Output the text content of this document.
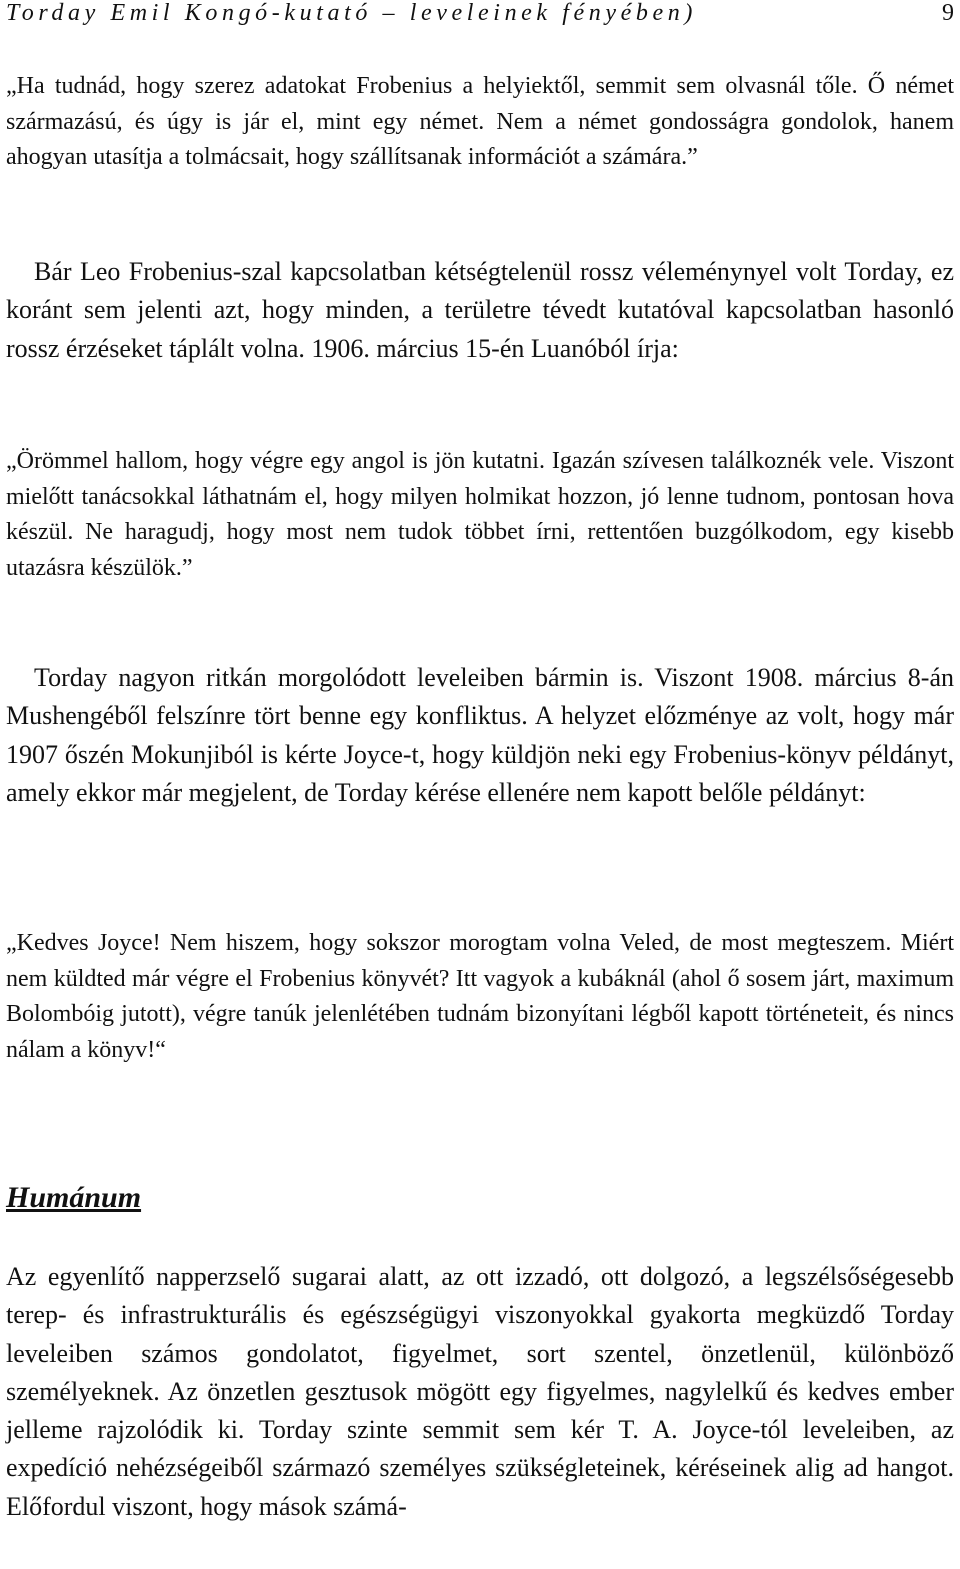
Torday Emil Kongó-kutató – leveleinek fényében)	9

„Ha tudnád, hogy szerez adatokat Frobenius a helyiektől, semmit sem olvasnál tőle. Ő német származású, és úgy is jár el, mint egy német. Nem a német gondosságra gondolok, hanem ahogyan utasítja a tolmácsait, hogy szállítsanak információt a számára.”

Bár Leo Frobenius-szal kapcsolatban kétségtelenül rossz véleménynyel volt Torday, ez koránt sem jelenti azt, hogy minden, a területre tévedt kutatóval kapcsolatban hasonló rossz érzéseket táplált volna. 1906. március 15-én Luanóból írja:

„Örömmel hallom, hogy végre egy angol is jön kutatni. Igazán szívesen találkoznék vele. Viszont mielőtt tanácsokkal láthatnám el, hogy milyen holmikat hozzon, jó lenne tudnom, pontosan hova készül. Ne haragudj, hogy most nem tudok többet írni, rettentően buzgólkodom, egy kisebb utazásra készülök.”

Torday nagyon ritkán morgolódott leveleiben bármin is. Viszont 1908. március 8-án Mushengéből felszínre tört benne egy konfliktus. A helyzet előzménye az volt, hogy már 1907 őszén Mokunjiból is kérte Joyce-t, hogy küldjön neki egy Frobenius-könyv példányt, amely ekkor már megjelent, de Torday kérése ellenére nem kapott belőle példányt:

„Kedves Joyce! Nem hiszem, hogy sokszor morogtam volna Veled, de most megteszem. Miért nem küldted már végre el Frobenius könyvét? Itt vagyok a kubáknál (ahol ő sosem járt, maximum Bolombóig jutott), végre tanúk jelenlétében tudnám bizonyítani légből kapott történeteit, és nincs nálam a könyv!“

Humánum

Az egyenlítő napperzselő sugarai alatt, az ott izzadó, ott dolgozó, a legszélsőségesebb terep- és infrastrukturális és egészségügyi viszonyokkal gyakorta megküzdő Torday leveleiben számos gondolatot, figyelmet, sort szentel, önzetlenül, különböző személyeknek. Az önzetlen gesztusok mögött egy figyelmes, nagylelkű és kedves ember jelleme rajzolódik ki. Torday szinte semmit sem kér T. A. Joyce-tól leveleiben, az expedíció nehézségeiből származó személyes szükségleteinek, kéréseinek alig ad hangot. Előfordul viszont, hogy mások számá-
